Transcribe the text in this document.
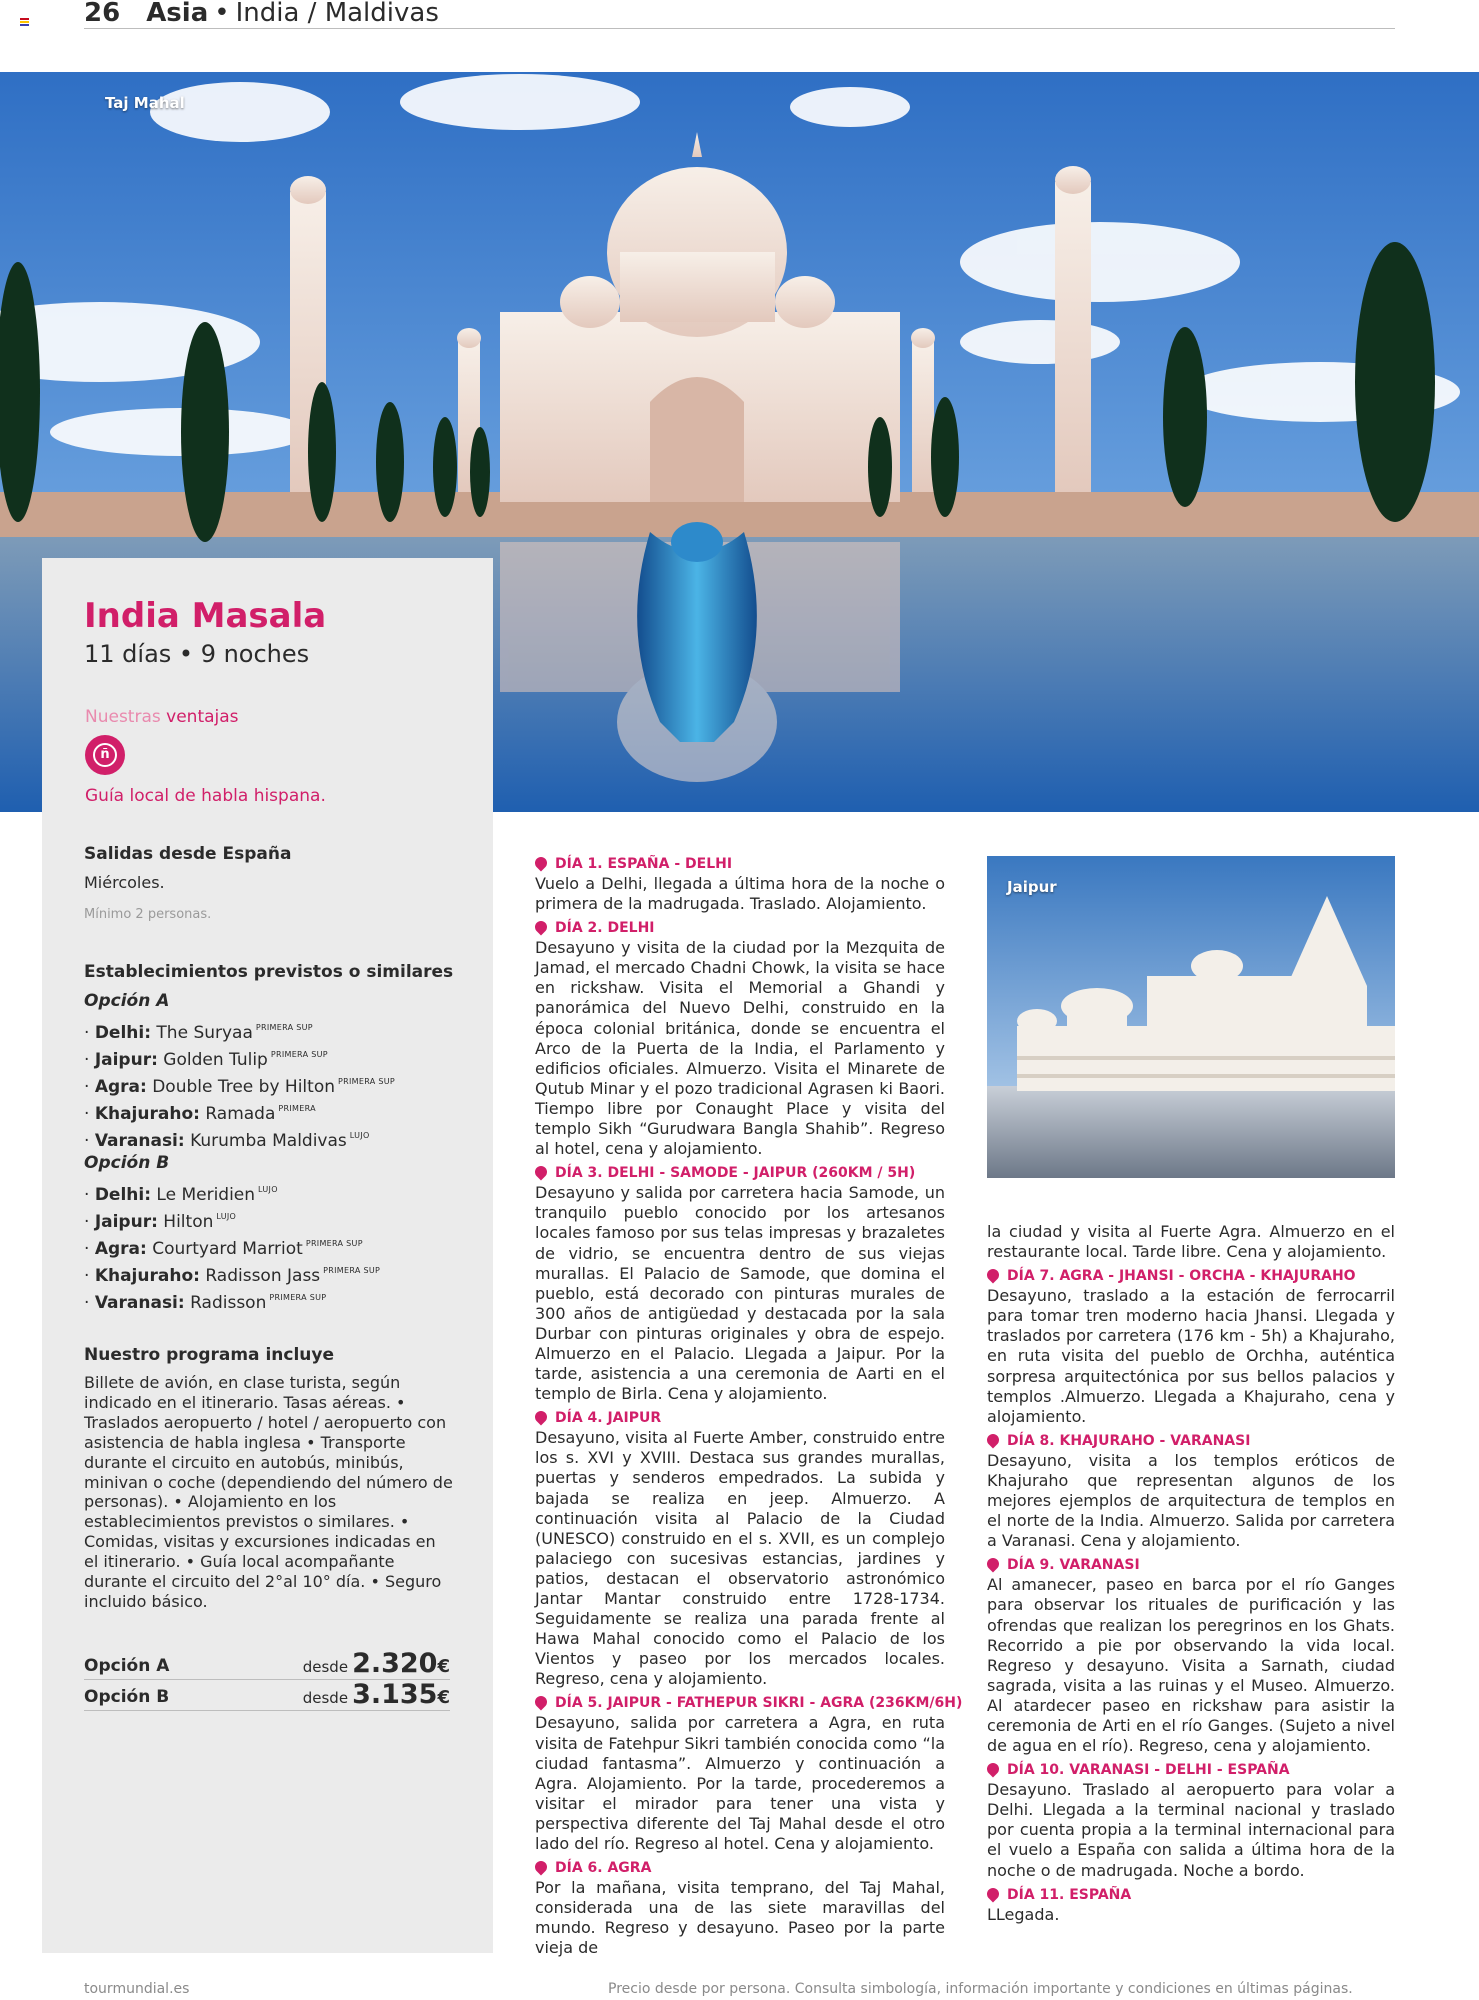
26 Asia • India / Maldivas
Taj Mahal
India Masala
11 días • 9 noches
Nuestras ventajas
ñ
Guía local de habla hispana.
Salidas desde España
Miércoles.
Mínimo 2 personas.
Establecimientos previstos o similares
Opción A
· Delhi: The Suryaa $^{PRIMERA SUP}$
· Jaipur: Golden Tulip $^{PRIMERA SUP}$
· Agra: Double Tree by Hilton $^{PRIMERA SUP}$
· Khajuraho: Ramada $^{PRIMERA}$
· Varanasi: Kurumba Maldivas $^{LUJO}$
Opción B
· Delhi: Le Meridien $^{LUJO}$
· Jaipur: Hilton $^{LUJO}$
· Agra: Courtyard Marriot $^{PRIMERA SUP}$
· Khajuraho: Radisson Jass $^{PRIMERA SUP}$
· Varanasi: Radisson $^{PRIMERA SUP}$
Nuestro programa incluye
Billete de avión, en clase turista, según indicado en el itinerario. Tasas aéreas. • Traslados aeropuerto / hotel / aeropuerto con asistencia de habla inglesa • Transporte durante el circuito en autobús, minibús, minivan o coche (dependiendo del número de personas). • Alojamiento en los establecimientos previstos o similares. • Comidas, visitas y excursiones indicadas en el itinerario. • Guía local acompañante durante el circuito del 2°al 10° día. • Seguro incluido básico.
Opción A	desde 2.320€
Opción B	desde 3.135€
DÍA 1. ESPAÑA - DELHI
Vuelo a Delhi, llegada a última hora de la noche o primera de la madrugada. Traslado. Alojamiento.
DÍA 2. DELHI
Desayuno y visita de la ciudad por la Mezquita de Jamad, el mercado Chadni Chowk, la visita se hace en rickshaw. Visita el Memorial a Ghandi y panorámica del Nuevo Delhi, construido en la época colonial británica, donde se encuentra el Arco de la Puerta de la India, el Parlamento y edificios oficiales. Almuerzo. Visita el Minarete de Qutub Minar y el pozo tradicional Agrasen ki Baori. Tiempo libre por Conaught Place y visita del templo Sikh “Gurudwara Bangla Shahib”. Regreso al hotel, cena y alojamiento.
DÍA 3. DELHI - SAMODE - JAIPUR (260KM / 5H)
Desayuno y salida por carretera hacia Samode, un tranquilo pueblo conocido por los artesanos locales famoso por sus telas impresas y brazaletes de vidrio, se encuentra dentro de sus viejas murallas. El Palacio de Samode, que domina el pueblo, está decorado con pinturas murales de 300 años de antigüedad y destacada por la sala Durbar con pinturas originales y obra de espejo. Almuerzo en el Palacio. Llegada a Jaipur. Por la tarde, asistencia a una ceremonia de Aarti en el templo de Birla. Cena y alojamiento.
DÍA 4. JAIPUR
Desayuno, visita al Fuerte Amber, construido entre los s. XVI y XVIII. Destaca sus grandes murallas, puertas y senderos empedrados. La subida y bajada se realiza en jeep. Almuerzo. A continuación visita al Palacio de la Ciudad (UNESCO) construido en el s. XVII, es un complejo palaciego con sucesivas estancias, jardines y patios, destacan el observatorio astronómico Jantar Mantar construido entre 1728-1734. Seguidamente se realiza una parada frente al Hawa Mahal conocido como el Palacio de los Vientos y paseo por los mercados locales. Regreso, cena y alojamiento.
DÍA 5. JAIPUR - FATHEPUR SIKRI - AGRA (236KM/6H)
Desayuno, salida por carretera a Agra, en ruta visita de Fatehpur Sikri también conocida como “la ciudad fantasma”. Almuerzo y continuación a Agra. Alojamiento. Por la tarde, procederemos a visitar el mirador para tener una vista y perspectiva diferente del Taj Mahal desde el otro lado del río. Regreso al hotel. Cena y alojamiento.
DÍA 6. AGRA
Por la mañana, visita temprano, del Taj Mahal, considerada una de las siete maravillas del mundo. Regreso y desayuno. Paseo por la parte vieja de
Jaipur
la ciudad y visita al Fuerte Agra. Almuerzo en el restaurante local. Tarde libre. Cena y alojamiento.
DÍA 7. AGRA - JHANSI - ORCHA - KHAJURAHO
Desayuno, traslado a la estación de ferrocarril para tomar tren moderno hacia Jhansi. Llegada y traslados por carretera (176 km - 5h) a Khajuraho, en ruta visita del pueblo de Orchha, auténtica sorpresa arquitectónica por sus bellos palacios y templos .Almuerzo. Llegada a Khajuraho, cena y alojamiento.
DÍA 8. KHAJURAHO - VARANASI
Desayuno, visita a los templos eróticos de Khajuraho que representan algunos de los mejores ejemplos de arquitectura de templos en el norte de la India. Almuerzo. Salida por carretera a Varanasi. Cena y alojamiento.
DÍA 9. VARANASI
Al amanecer, paseo en barca por el río Ganges para observar los rituales de purificación y las ofrendas que realizan los peregrinos en los Ghats. Recorrido a pie por observando la vida local. Regreso y desayuno. Visita a Sarnath, ciudad sagrada, visita a las ruinas y el Museo. Almuerzo. Al atardecer paseo en rickshaw para asistir la ceremonia de Arti en el río Ganges. (Sujeto a nivel de agua en el río). Regreso, cena y alojamiento.
DÍA 10. VARANASI - DELHI - ESPAÑA
Desayuno. Traslado al aeropuerto para volar a Delhi. Llegada a la terminal nacional y traslado por cuenta propia a la terminal internacional para el vuelo a España con salida a última hora de la noche o de madrugada. Noche a bordo.
DÍA 11. ESPAÑA
LLegada.
tourmundial.es	Precio desde por persona. Consulta simbología, información importante y condiciones en últimas páginas.
